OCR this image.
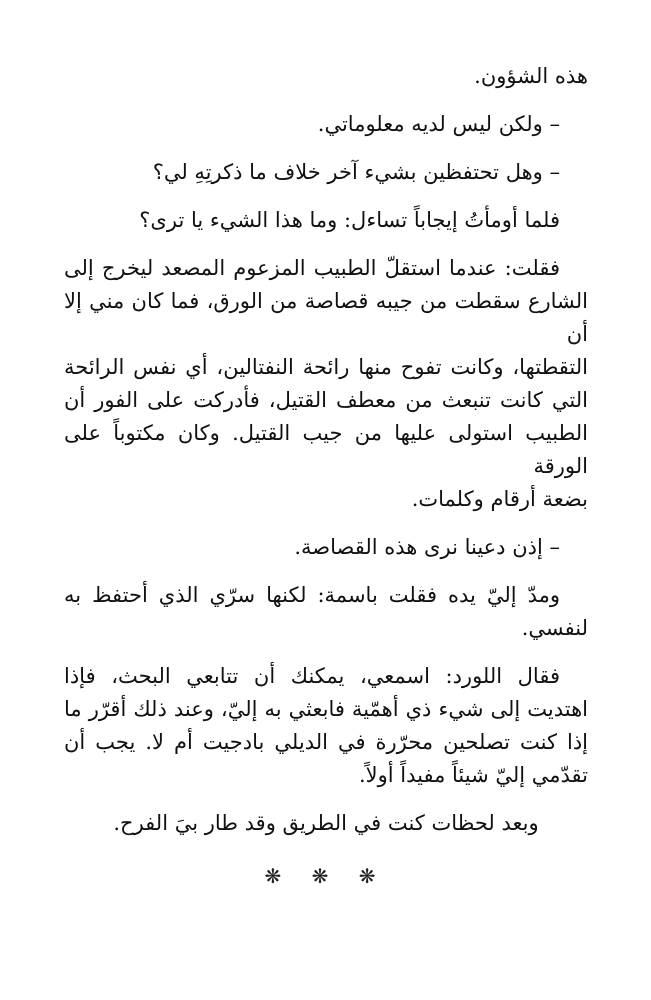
هذه الشؤون.

– ولكن ليس لديه معلوماتي.

– وهل تحتفظين بشيء آخر خلاف ما ذكرتِهِ لي؟

فلما أومأتُ إيجاباً تساءل: وما هذا الشيء يا ترى؟

فقلت: عندما استقلّ الطبيب المزعوم المصعد ليخرج إلى
الشارع سقطت من جيبه قصاصة من الورق، فما كان مني إلا أن
التقطتها، وكانت تفوح منها رائحة النفتالين، أي نفس الرائحة
التي كانت تنبعث من معطف القتيل، فأدركت على الفور أن
الطبيب استولى عليها من جيب القتيل. وكان مكتوباً على الورقة
بضعة أرقام وكلمات.

– إذن دعينا نرى هذه القصاصة.

ومدّ إليّ يده فقلت باسمة: لكنها سرّي الذي أحتفظ به
لنفسي.

فقال اللورد: اسمعي، يمكنك أن تتابعي البحث، فإذا
اهتديت إلى شيء ذي أهمّية فابعثي به إليّ، وعند ذلك أقرّر ما
إذا كنت تصلحين محرّرة في الديلي بادجيت أم لا. يجب أن
تقدّمي إليّ شيئاً مفيداً أولاً.

وبعد لحظات كنت في الطريق وقد طار بيَ الفرح.

❋ ❋ ❋
